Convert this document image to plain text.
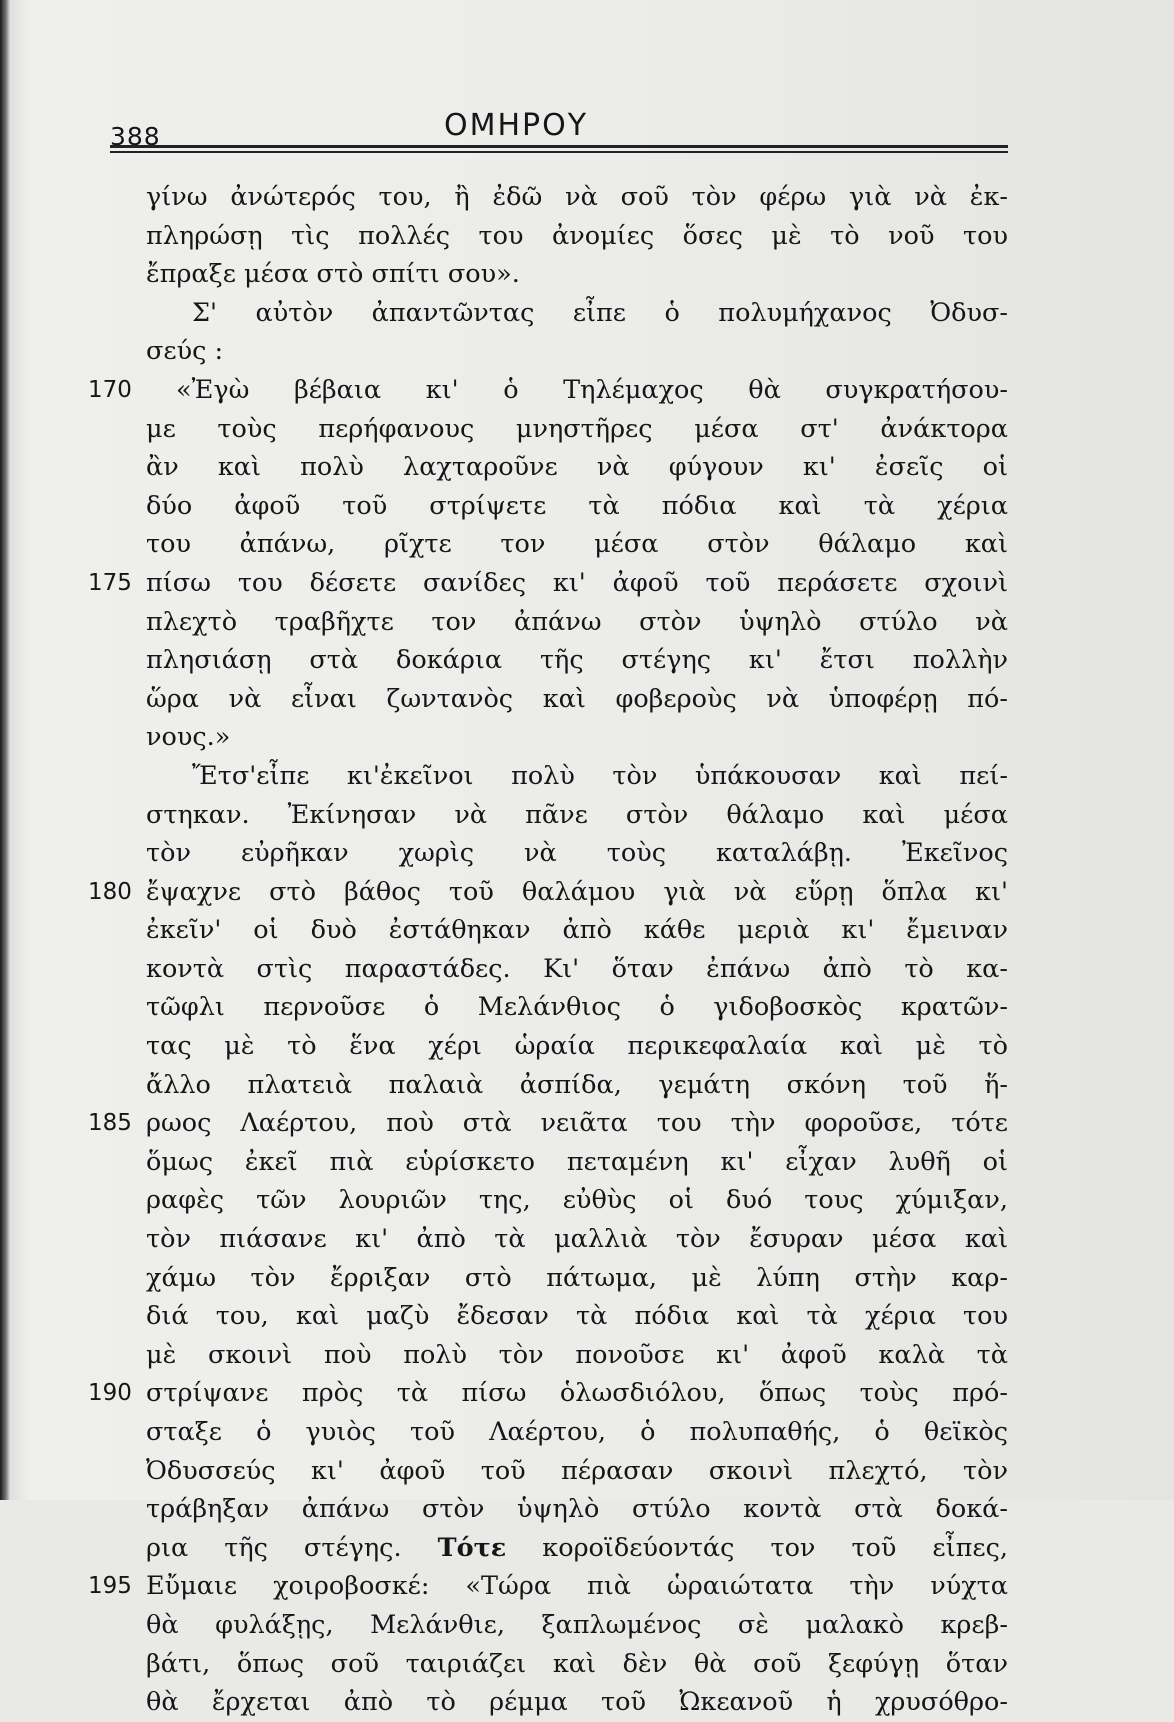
388	ΟΜΗΡΟΥ
γίνω ἀνώτερός του, ἢ ἐδῶ νὰ σοῦ τὸν φέρω γιὰ νὰ ἐκ-
πληρώσῃ τὶς πολλές του ἀνομίες ὅσες μὲ τὸ νοῦ του
ἔπραξε μέσα στὸ σπίτι σου».
Σ' αὐτὸν ἀπαντῶντας εἶπε ὁ πολυμήχανος Ὀδυσ-
σεύς :
170 «Ἐγὼ βέβαια κι' ὁ Τηλέμαχος θὰ συγκρατήσου-
με τοὺς περήφανους μνηστῆρες μέσα στ' ἀνάκτορα
ἂν καὶ πολὺ λαχταροῦνε νὰ φύγουν κι' ἐσεῖς οἱ
δύο ἀφοῦ τοῦ στρίψετε τὰ πόδια καὶ τὰ χέρια
του ἀπάνω, ρῖχτε τον μέσα στὸν θάλαμο καὶ
175 πίσω του δέσετε σανίδες κι' ἀφοῦ τοῦ περάσετε σχοινὶ
πλεχτὸ τραβῆχτε τον ἀπάνω στὸν ὑψηλὸ στύλο νὰ
πλησιάσῃ στὰ δοκάρια τῆς στέγης κι' ἔτσι πολλὴν
ὥρα νὰ εἶναι ζωντανὸς καὶ φοβεροὺς νὰ ὑποφέρῃ πό-
νους.»
Ἔτσ'εἶπε κι'ἐκεῖνοι πολὺ τὸν ὑπάκουσαν καὶ πεί-
στηκαν. Ἐκίνησαν νὰ πᾶνε στὸν θάλαμο καὶ μέσα
τὸν εὐρῆκαν χωρὶς νὰ τοὺς καταλάβῃ. Ἐκεῖνος
180 ἔψαχνε στὸ βάθος τοῦ θαλάμου γιὰ νὰ εὕρῃ ὅπλα κι'
ἐκεῖν' οἱ δυὸ ἐστάθηκαν ἀπὸ κάθε μεριὰ κι' ἔμειναν
κοντὰ στὶς παραστάδες. Κι' ὅταν ἐπάνω ἀπὸ τὸ κα-
τῶφλι περνοῦσε ὁ Μελάνθιος ὁ γιδοβοσκὸς κρατῶν-
τας μὲ τὸ ἕνα χέρι ὡραία περικεφαλαία καὶ μὲ τὸ
ἄλλο πλατειὰ παλαιὰ ἀσπίδα, γεμάτη σκόνη τοῦ ἥ-
185 ρωος Λαέρτου, ποὺ στὰ νειᾶτα του τὴν φοροῦσε, τότε
ὅμως ἐκεῖ πιὰ εὑρίσκετο πεταμένη κι' εἶχαν λυθῆ οἱ
ραφὲς τῶν λουριῶν της, εὐθὺς οἱ δυό τους χύμιξαν,
τὸν πιάσανε κι' ἀπὸ τὰ μαλλιὰ τὸν ἔσυραν μέσα καὶ
χάμω τὸν ἔρριξαν στὸ πάτωμα, μὲ λύπη στὴν καρ-
διά του, καὶ μαζὺ ἔδεσαν τὰ πόδια καὶ τὰ χέρια του
μὲ σκοινὶ ποὺ πολὺ τὸν πονοῦσε κι' ἀφοῦ καλὰ τὰ
190 στρίψανε πρὸς τὰ πίσω ὁλωσδιόλου, ὅπως τοὺς πρό-
σταξε ὁ γυιὸς τοῦ Λαέρτου, ὁ πολυπαθής, ὁ θεϊκὸς
Ὀδυσσεύς κι' ἀφοῦ τοῦ πέρασαν σκοινὶ πλεχτό, τὸν
τράβηξαν ἀπάνω στὸν ὑψηλὸ στύλο κοντὰ στὰ δοκά-
ρια τῆς στέγης. Τότε κοροϊδεύοντάς τον τοῦ εἶπες,
195 Εὔμαιε χοιροβοσκέ: «Τώρα πιὰ ὡραιώτατα τὴν νύχτα
θὰ φυλάξῃς, Μελάνθιε, ξαπλωμένος σὲ μαλακὸ κρεβ-
βάτι, ὅπως σοῦ ταιριάζει καὶ δὲν θὰ σοῦ ξεφύγῃ ὅταν
θὰ ἔρχεται ἀπὸ τὸ ρέμμα τοῦ Ὠκεανοῦ ἡ χρυσόθρο-
